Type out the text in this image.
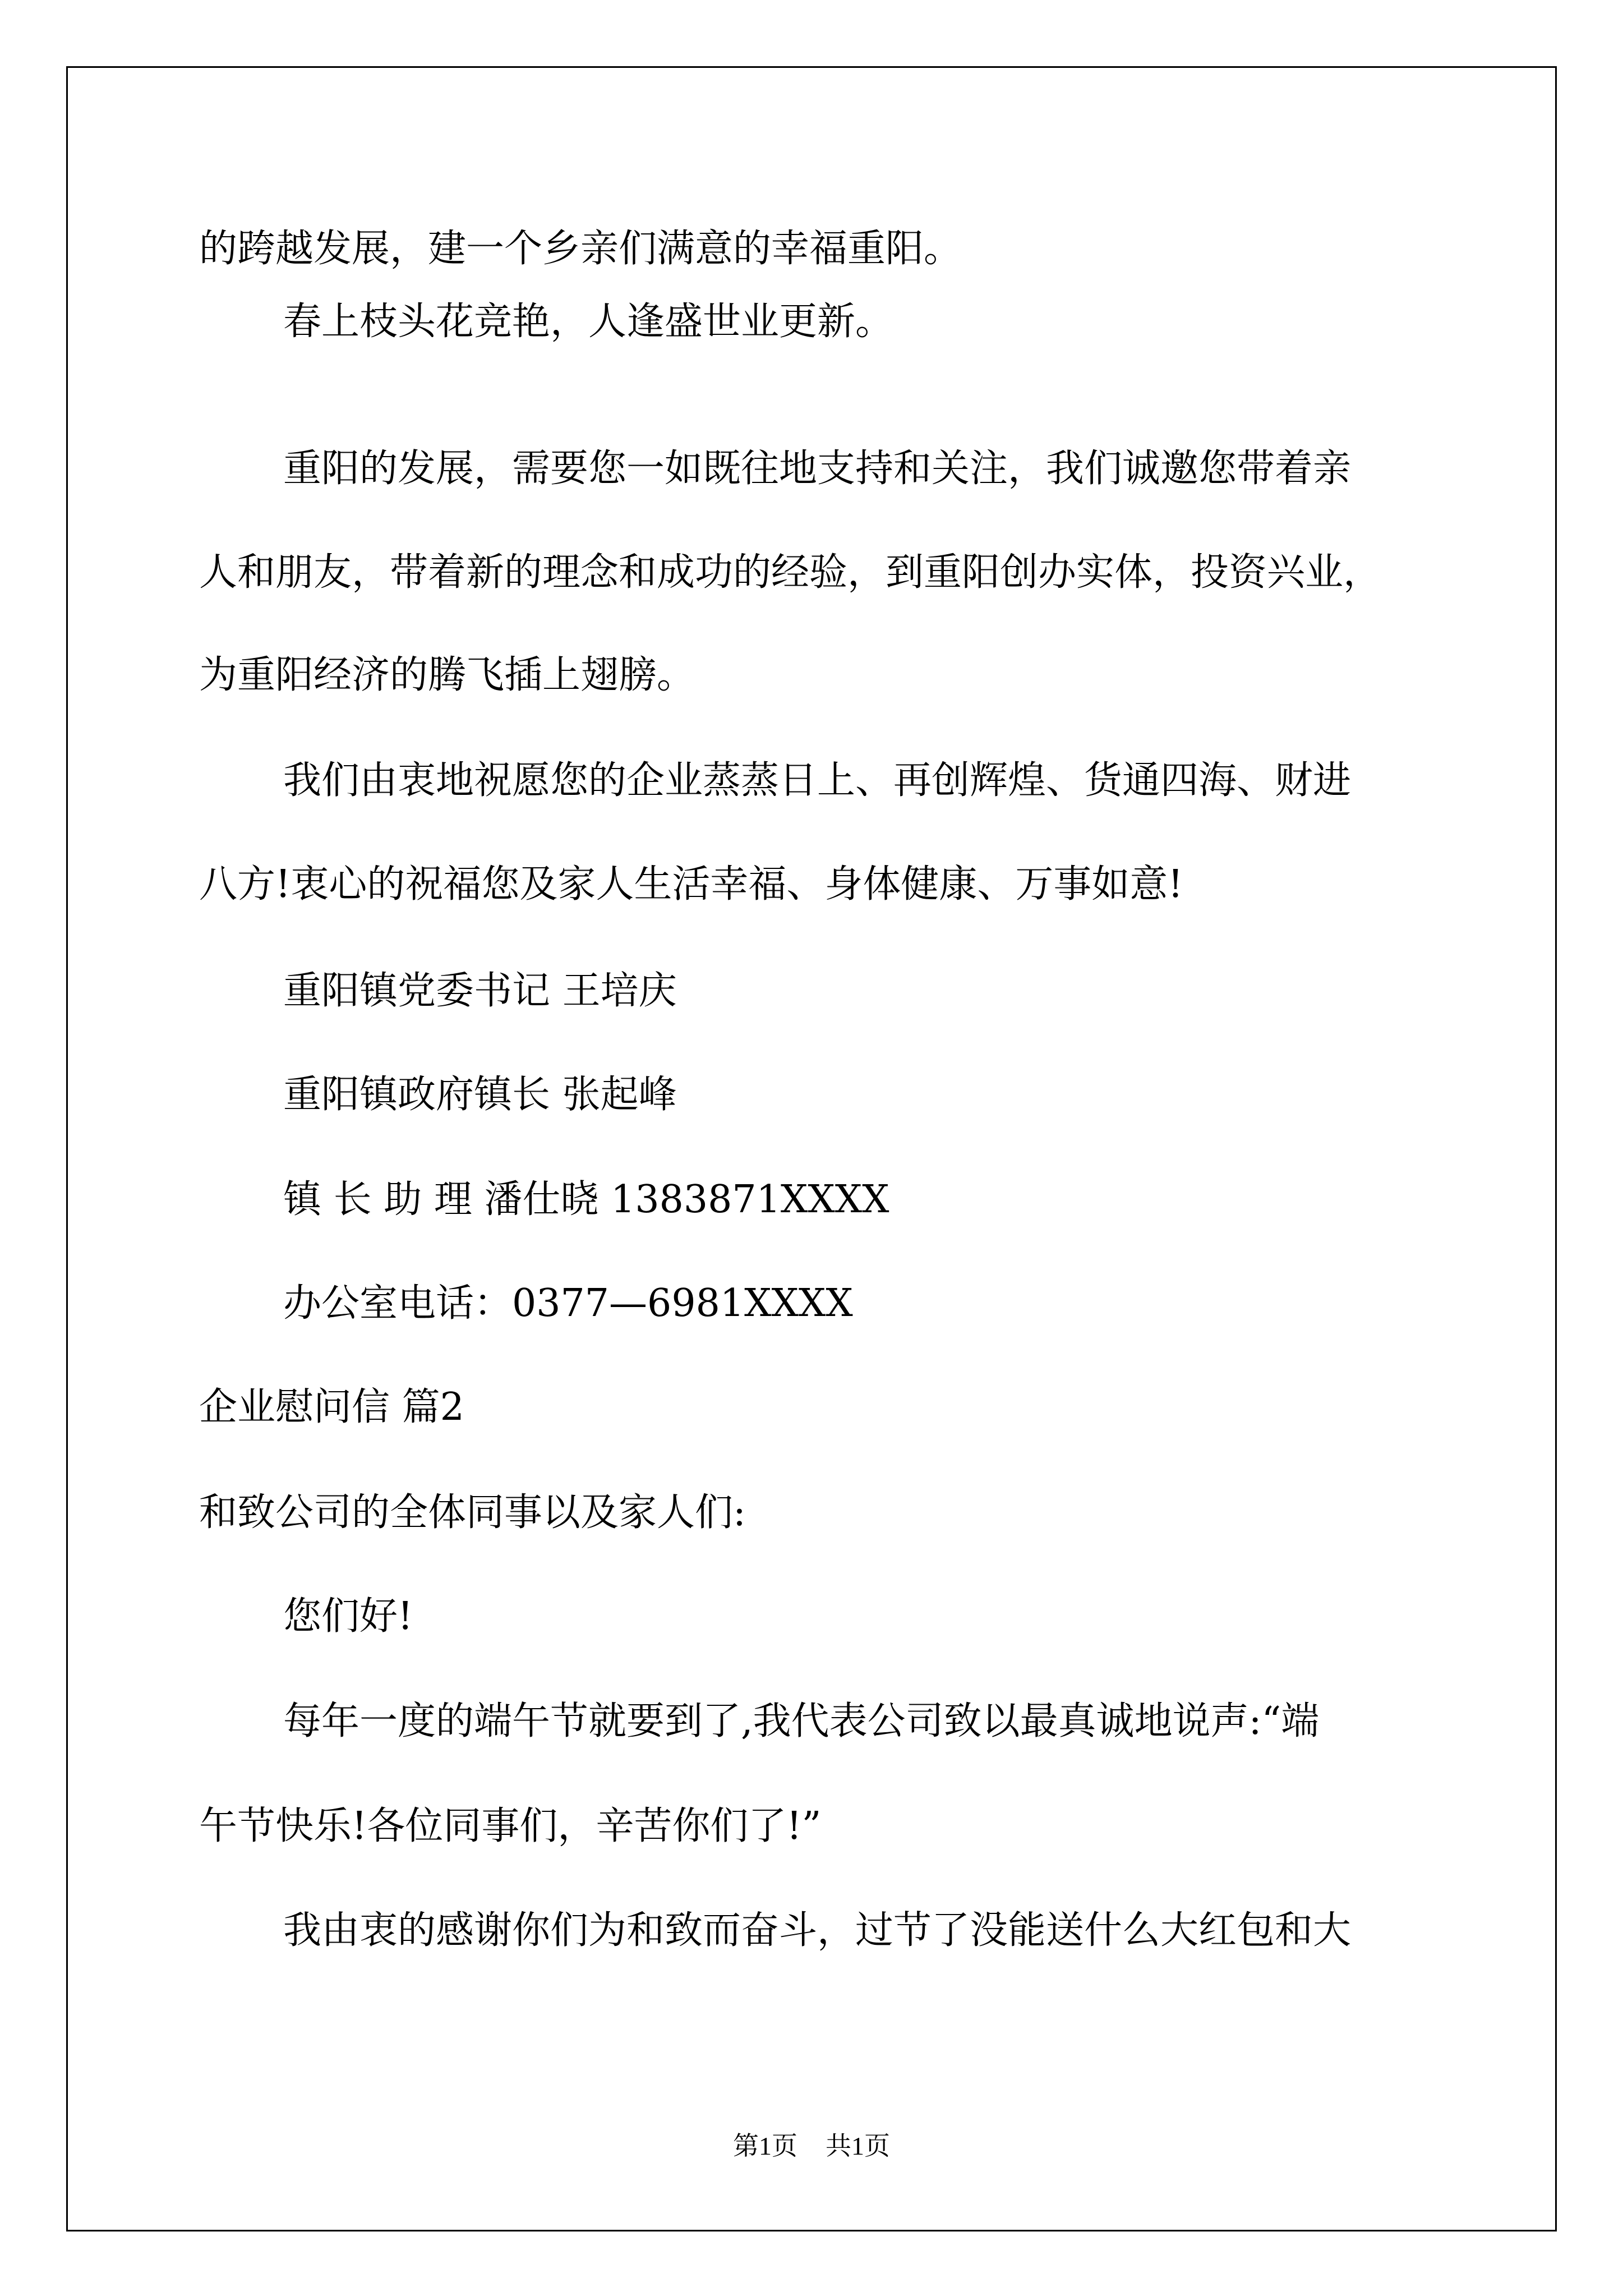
的跨越发展，建一个乡亲们满意的幸福重阳。
春上枝头花竞艳，人逢盛世业更新。
重阳的发展，需要您一如既往地支持和关注，我们诚邀您带着亲
人和朋友，带着新的理念和成功的经验，到重阳创办实体，投资兴业，
为重阳经济的腾飞插上翅膀。
我们由衷地祝愿您的企业蒸蒸日上、再创辉煌、货通四海、财进
八方!衷心的祝福您及家人生活幸福、身体健康、万事如意!
重阳镇党委书记 王培庆
重阳镇政府镇长 张起峰
镇 长 助 理 潘仕晓 1383871XXXX
办公室电话：0377—6981XXXX
企业慰问信 篇2
和致公司的全体同事以及家人们:
您们好!
每年一度的端午节就要到了,我代表公司致以最真诚地说声:“端
午节快乐!各位同事们，辛苦你们了!”
我由衷的感谢你们为和致而奋斗，过节了没能送什么大红包和大
第1页 共1页
